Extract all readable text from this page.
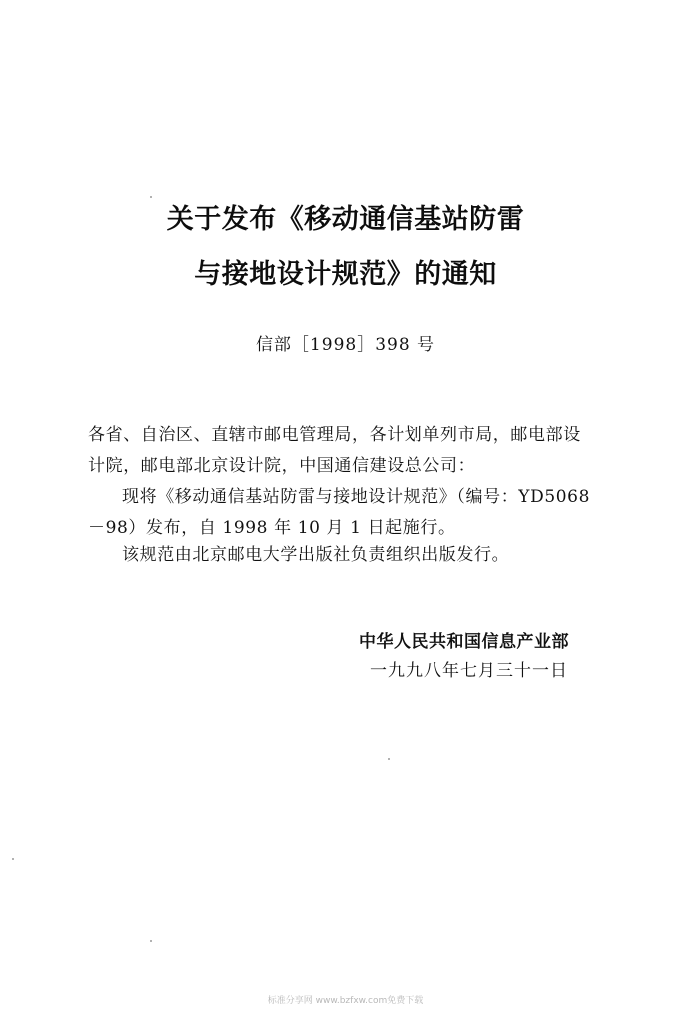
关于发布《移动通信基站防雷
与接地设计规范》的通知
信部［1998］398 号
各省、自治区、直辖市邮电管理局，各计划单列市局，邮电部设
计院，邮电部北京设计院，中国通信建设总公司：
现将《移动通信基站防雷与接地设计规范》（编号：YD5068
－98）发布，自 1998 年 10 月 1 日起施行。
该规范由北京邮电大学出版社负责组织出版发行。
中华人民共和国信息产业部
一九九八年七月三十一日
标准分享网 www.bzfxw.com免费下载
